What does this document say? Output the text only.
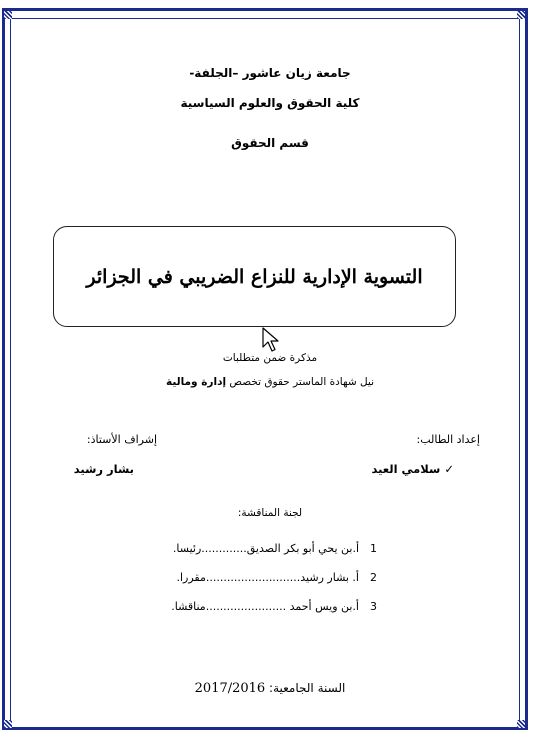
جامعة زيان عاشور –الجلفة-
كلية الحقوق والعلوم السياسية
قسم الحقوق
التسوية الإدارية للنزاع الضريبي في الجزائر
مذكرة ضمن متطلبات
نيل شهادة الماستر حقوق تخصص إدارة ومالية
إعداد الطالب:
إشراف الأستاذ:
✓ سلامي العيد
بشار رشيد
لجنة المناقشة:
1أ.بن يحي أبو بكر الصديق.............رئيسا.
2أ. بشار رشيد...........................مقررا.
3أ.بن ويس أحمد .......................مناقشا.
السنة الجامعية: 2017/2016
